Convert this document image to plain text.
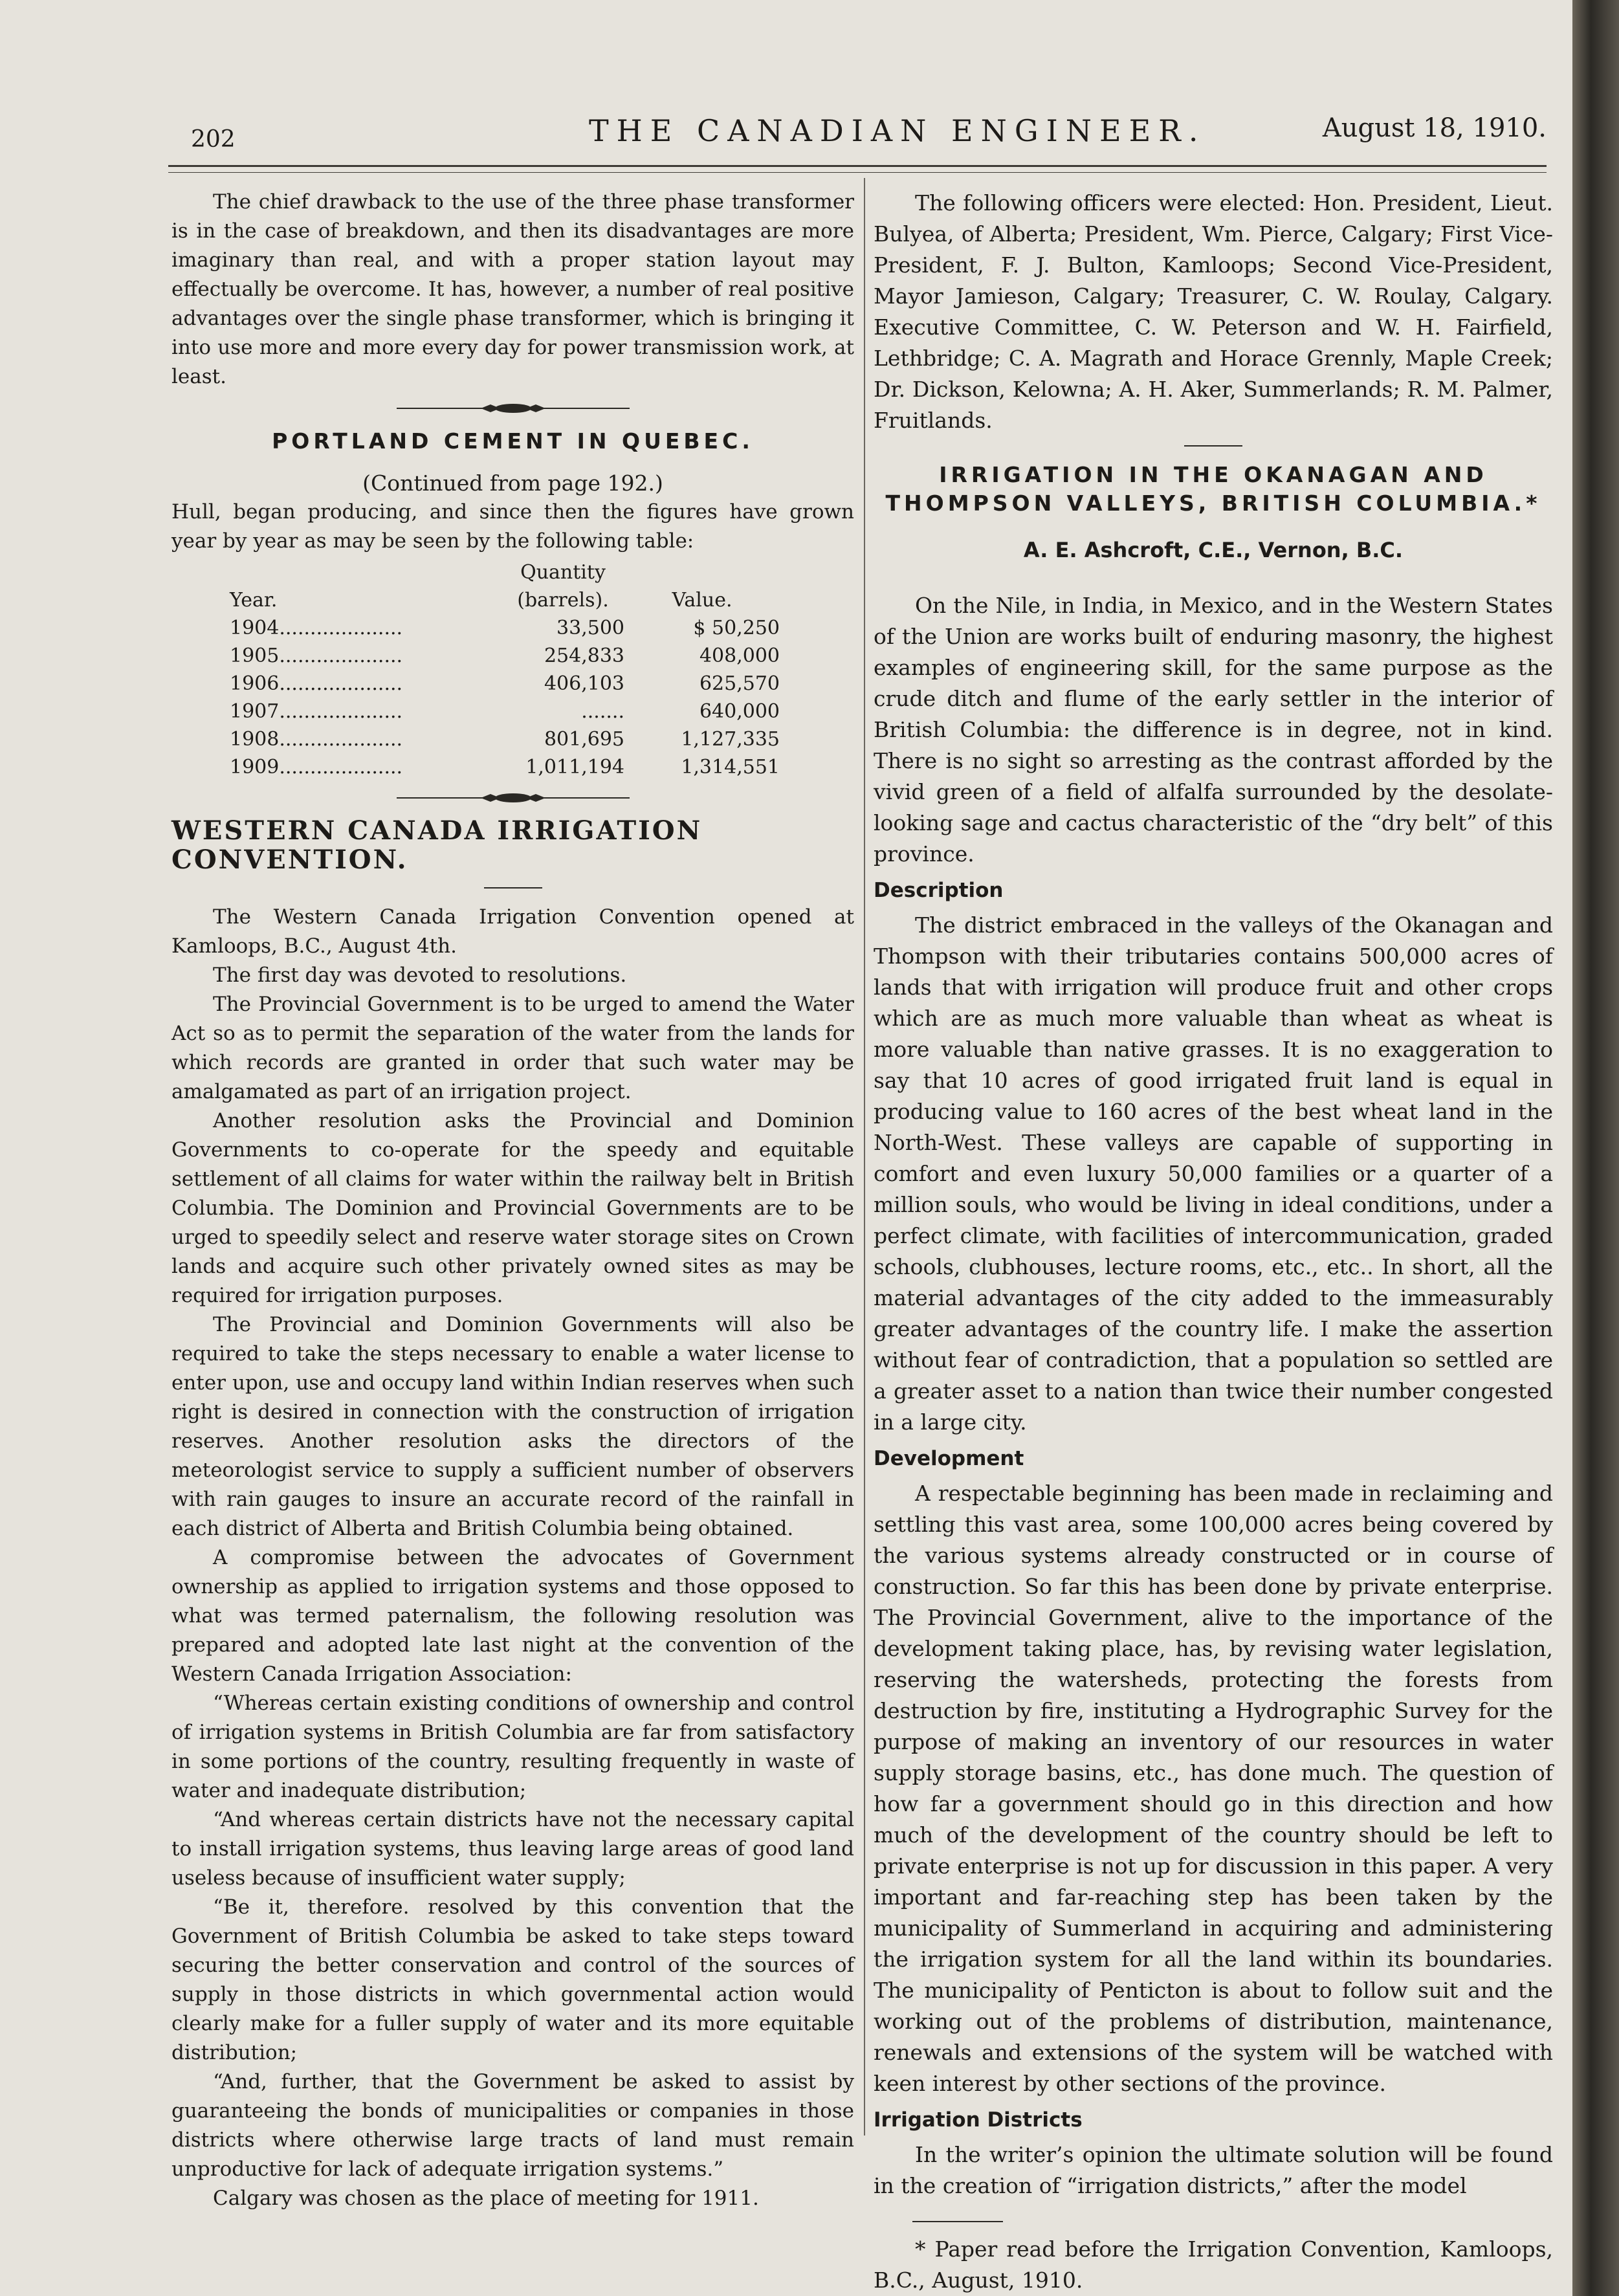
202	THE CANADIAN ENGINEER.	August 18, 1910.

The chief drawback to the use of the three phase transformer is in the case of breakdown, and then its disadvantages are more imaginary than real, and with a proper station layout may effectually be overcome. It has, however, a number of real positive advantages over the single phase transformer, which is bringing it into use more and more every day for power transmission work, at least.

PORTLAND CEMENT IN QUEBEC.
(Continued from page 192.)

Hull, began producing, and since then the figures have grown year by year as may be seen by the following table:

	Quantity	
Year.	(barrels).	Value.
1904....................	33,500	$ 50,250
1905....................	254,833	408,000
1906....................	406,103	625,570
1907....................	.......	640,000
1908....................	801,695	1,127,335
1909....................	1,011,194	1,314,551
WESTERN CANADA IRRIGATION CONVENTION.

The Western Canada Irrigation Convention opened at Kamloops, B.C., August 4th.

The first day was devoted to resolutions.

The Provincial Government is to be urged to amend the Water Act so as to permit the separation of the water from the lands for which records are granted in order that such water may be amalgamated as part of an irrigation project.

Another resolution asks the Provincial and Dominion Governments to co-operate for the speedy and equitable settlement of all claims for water within the railway belt in British Columbia. The Dominion and Provincial Governments are to be urged to speedily select and reserve water storage sites on Crown lands and acquire such other privately owned sites as may be required for irrigation purposes.

The Provincial and Dominion Governments will also be required to take the steps necessary to enable a water license to enter upon, use and occupy land within Indian reserves when such right is desired in connection with the construction of irrigation reserves. Another resolution asks the directors of the meteorologist service to supply a sufficient number of observers with rain gauges to insure an accurate record of the rainfall in each district of Alberta and British Columbia being obtained.

A compromise between the advocates of Government ownership as applied to irrigation systems and those opposed to what was termed paternalism, the following resolution was prepared and adopted late last night at the convention of the Western Canada Irrigation Association:

“Whereas certain existing conditions of ownership and control of irrigation systems in British Columbia are far from satisfactory in some portions of the country, resulting frequently in waste of water and inadequate distribution;

“And whereas certain districts have not the necessary capital to install irrigation systems, thus leaving large areas of good land useless because of insufficient water supply;

“Be it, therefore. resolved by this convention that the Government of British Columbia be asked to take steps toward securing the better conservation and control of the sources of supply in those districts in which governmental action would clearly make for a fuller supply of water and its more equitable distribution;

“And, further, that the Government be asked to assist by guaranteeing the bonds of municipalities or companies in those districts where otherwise large tracts of land must remain unproductive for lack of adequate irrigation systems.”

Calgary was chosen as the place of meeting for 1911.

The following officers were elected: Hon. President, Lieut. Bulyea, of Alberta; President, Wm. Pierce, Calgary; First Vice-President, F. J. Bulton, Kamloops; Second Vice-President, Mayor Jamieson, Calgary; Treasurer, C. W. Roulay, Calgary. Executive Committee, C. W. Peterson and W. H. Fairfield, Lethbridge; C. A. Magrath and Horace Grennly, Maple Creek; Dr. Dickson, Kelowna; A. H. Aker, Summerlands; R. M. Palmer, Fruitlands.

IRRIGATION IN THE OKANAGAN AND THOMPSON VALLEYS, BRITISH COLUMBIA.*
A. E. Ashcroft, C.E., Vernon, B.C.

On the Nile, in India, in Mexico, and in the Western States of the Union are works built of enduring masonry, the highest examples of engineering skill, for the same purpose as the crude ditch and flume of the early settler in the interior of British Columbia: the difference is in degree, not in kind. There is no sight so arresting as the contrast afforded by the vivid green of a field of alfalfa surrounded by the desolate-looking sage and cactus characteristic of the “dry belt” of this province.

Description

The district embraced in the valleys of the Okanagan and Thompson with their tributaries contains 500,000 acres of lands that with irrigation will produce fruit and other crops which are as much more valuable than wheat as wheat is more valuable than native grasses. It is no exaggeration to say that 10 acres of good irrigated fruit land is equal in producing value to 160 acres of the best wheat land in the North-West. These valleys are capable of supporting in comfort and even luxury 50,000 families or a quarter of a million souls, who would be living in ideal conditions, under a perfect climate, with facilities of intercommunication, graded schools, clubhouses, lecture rooms, etc., etc.. In short, all the material advantages of the city added to the immeasurably greater advantages of the country life. I make the assertion without fear of contradiction, that a population so settled are a greater asset to a nation than twice their number congested in a large city.

Development

A respectable beginning has been made in reclaiming and settling this vast area, some 100,000 acres being covered by the various systems already constructed or in course of construction. So far this has been done by private enterprise. The Provincial Government, alive to the importance of the development taking place, has, by revising water legislation, reserving the watersheds, protecting the forests from destruction by fire, instituting a Hydrographic Survey for the purpose of making an inventory of our resources in water supply storage basins, etc., has done much. The question of how far a government should go in this direction and how much of the development of the country should be left to private enterprise is not up for discussion in this paper. A very important and far-reaching step has been taken by the municipality of Summerland in acquiring and administering the irrigation system for all the land within its boundaries. The municipality of Penticton is about to follow suit and the working out of the problems of distribution, maintenance, renewals and extensions of the system will be watched with keen interest by other sections of the province.

Irrigation Districts

In the writer’s opinion the ultimate solution will be found in the creation of “irrigation districts,” after the model

* Paper read before the Irrigation Convention, Kamloops, B.C., August, 1910.
